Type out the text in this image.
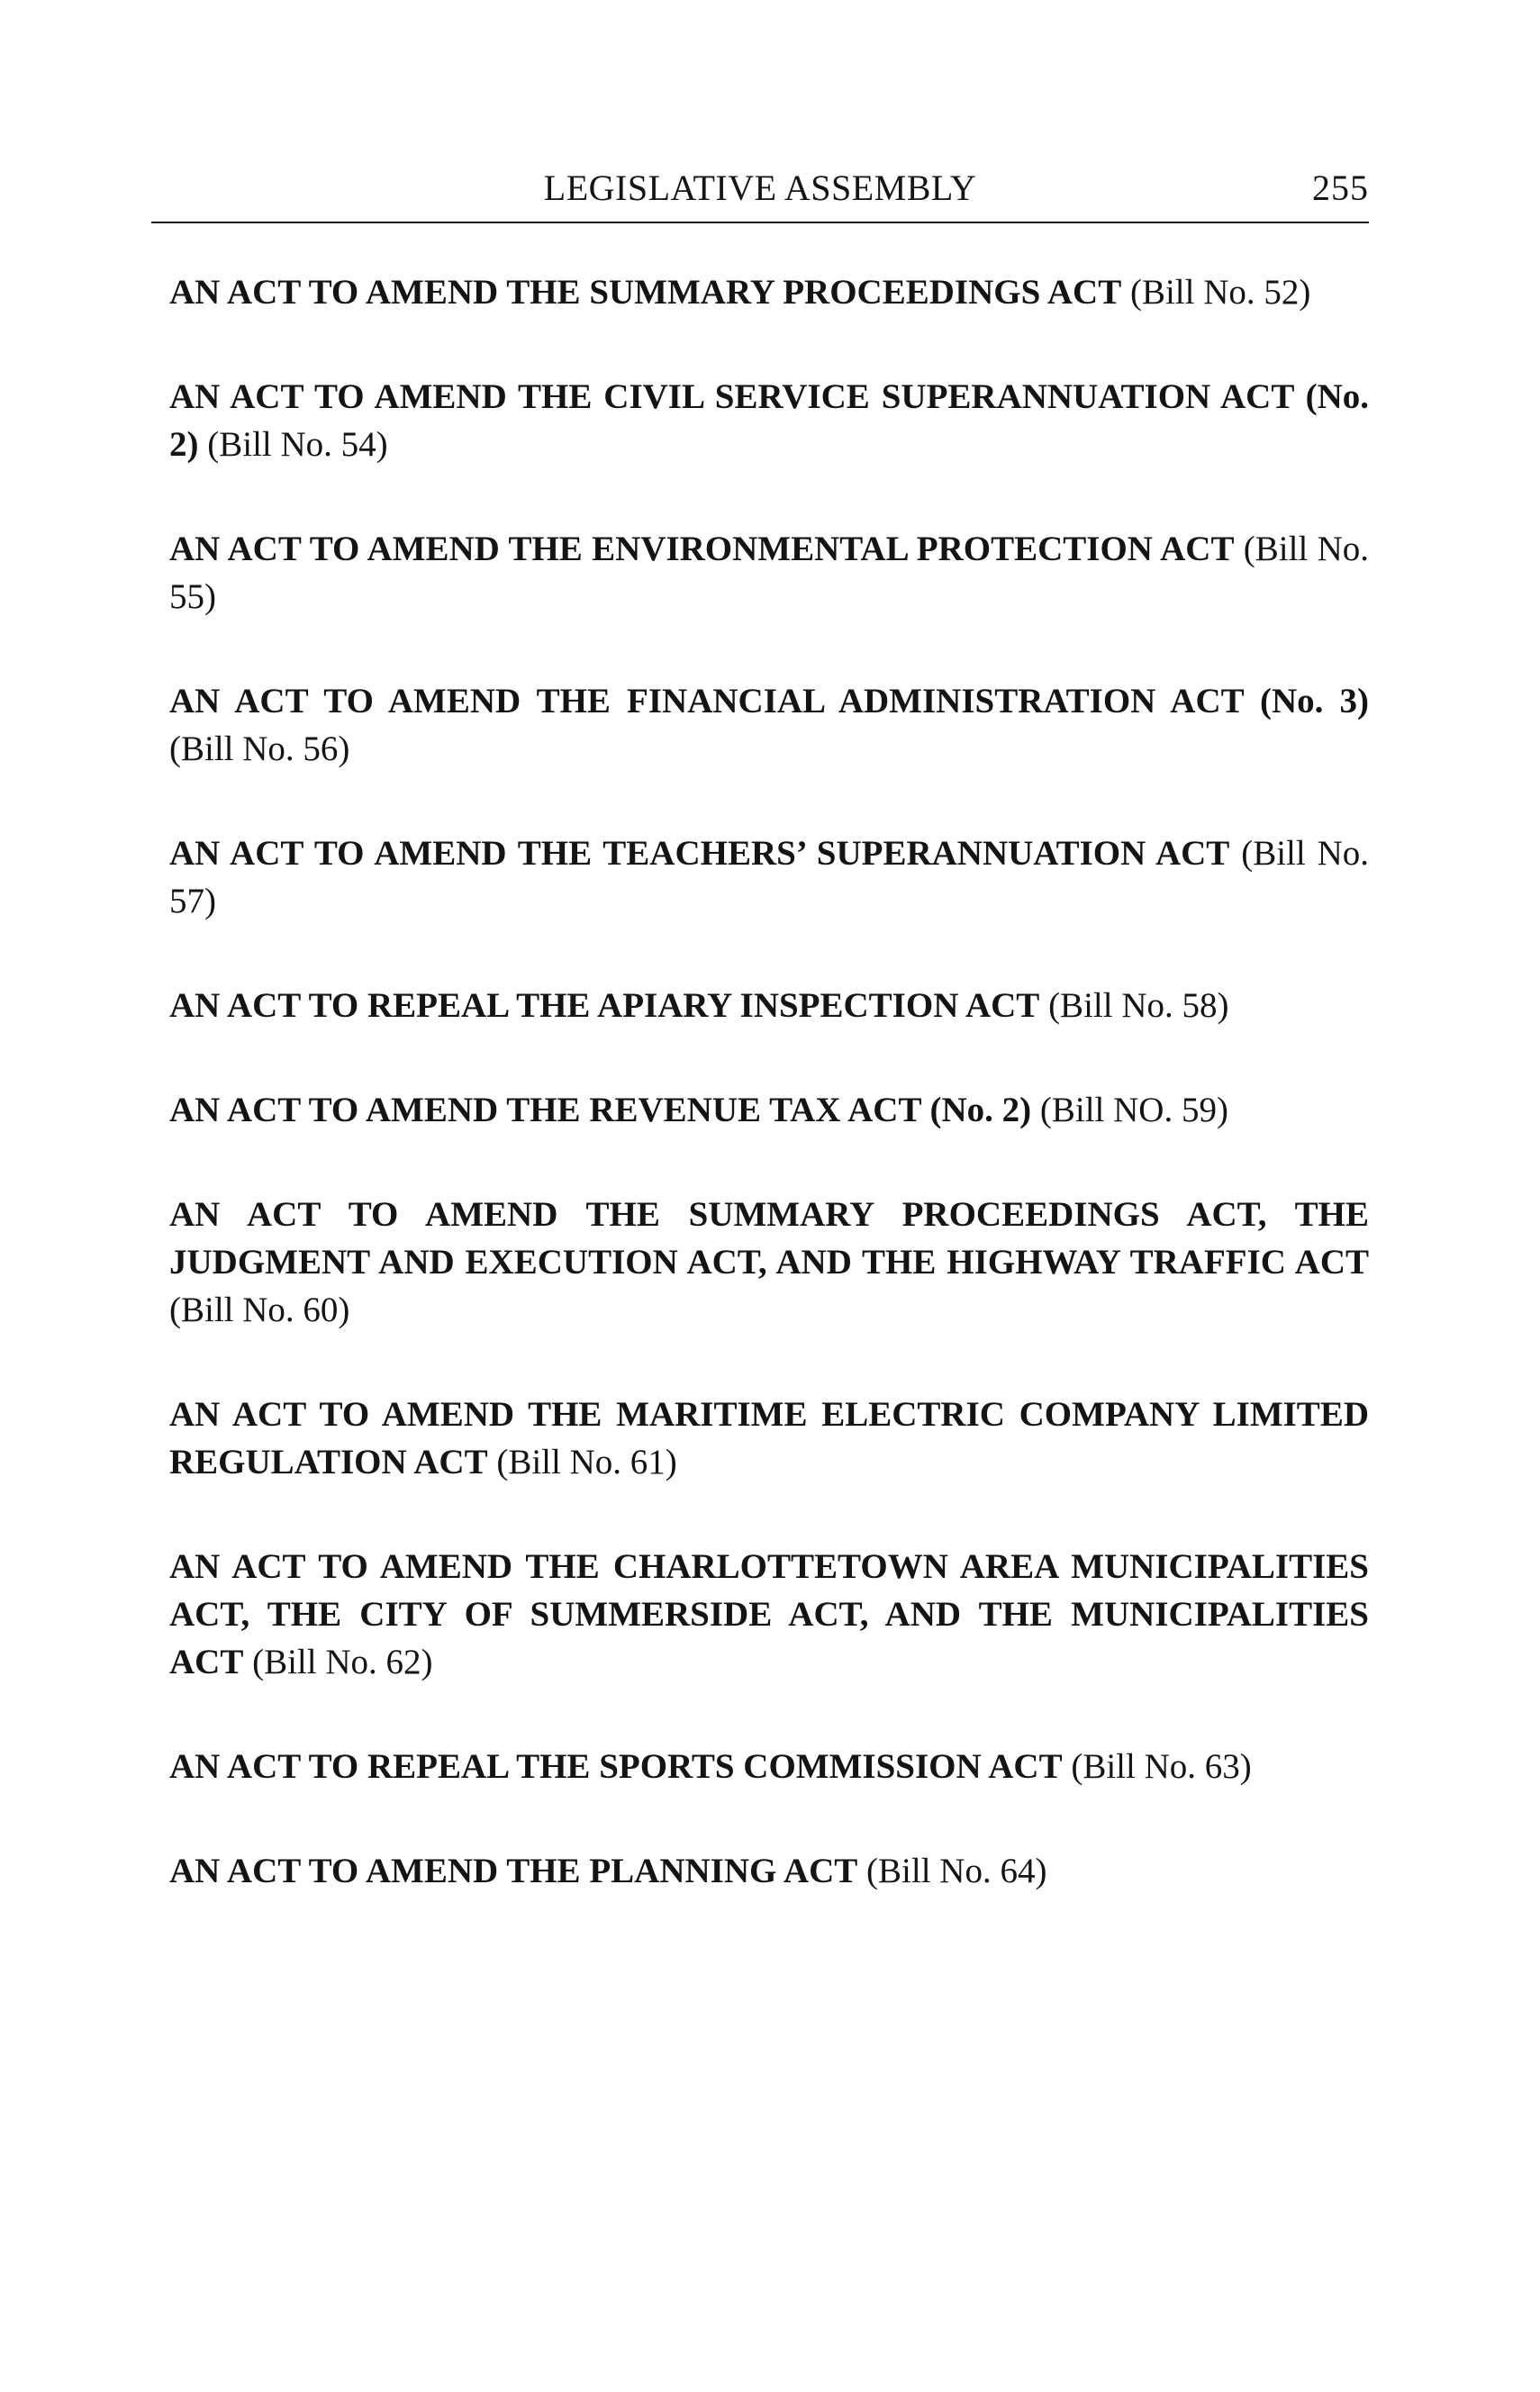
LEGISLATIVE ASSEMBLY	255
AN ACT TO AMEND THE SUMMARY PROCEEDINGS ACT (Bill No. 52)
AN ACT TO AMEND THE CIVIL SERVICE SUPERANNUATION ACT (No. 2) (Bill No. 54)
AN ACT TO AMEND THE ENVIRONMENTAL PROTECTION ACT (Bill No. 55)
AN ACT TO AMEND THE FINANCIAL ADMINISTRATION ACT (No. 3) (Bill No. 56)
AN ACT TO AMEND THE TEACHERS’ SUPERANNUATION ACT (Bill No. 57)
AN ACT TO REPEAL THE APIARY INSPECTION ACT (Bill No. 58)
AN ACT TO AMEND THE REVENUE TAX ACT (No. 2) (Bill NO. 59)
AN ACT TO AMEND THE SUMMARY PROCEEDINGS ACT, THE JUDGMENT AND EXECUTION ACT, AND THE HIGHWAY TRAFFIC ACT (Bill No. 60)
AN ACT TO AMEND THE MARITIME ELECTRIC COMPANY LIMITED REGULATION ACT (Bill No. 61)
AN ACT TO AMEND THE CHARLOTTETOWN AREA MUNICIPALITIES ACT, THE CITY OF SUMMERSIDE ACT, AND THE MUNICIPALITIES ACT (Bill No. 62)
AN ACT TO REPEAL THE SPORTS COMMISSION ACT (Bill No. 63)
AN ACT TO AMEND THE PLANNING ACT (Bill No. 64)
